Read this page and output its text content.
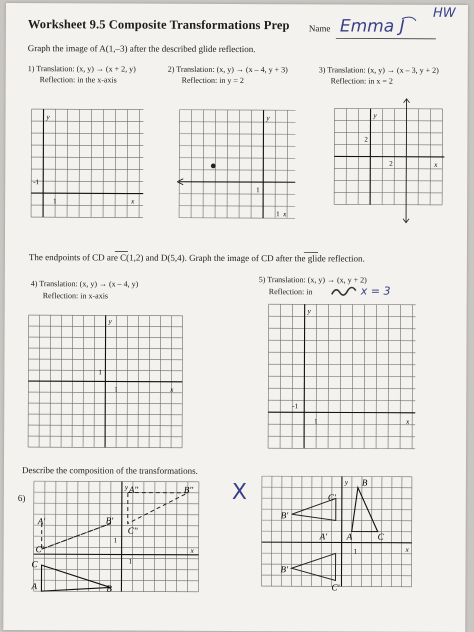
Worksheet 9.5 Composite Transformations Prep Name Emma J
HW
Graph the image of A(1,–3) after the described glide reflection.
1) Translation: (x, y) → (x + 2, y)
Reflection: in the x-axis
2) Translation: (x, y) → (x – 4, y + 3)
Reflection: in y = 2
3) Translation: (x, y) → (x – 3, y + 2)
Reflection: in x = 2
y
x
-1
1
y
x
1
1
y
x
2
2
The endpoints of CD are C(1,2) and D(5,4). Graph the image of CD after the glide reflection.
4) Translation: (x, y) → (x – 4, y)
Reflection: in x-axis
5) Translation: (x, y) → (x, y + 2)
Reflection: in	x = 3
y
x
1
1
y
x
-1
1
Describe the composition of the transformations.
6)
y
x
1
1
A	B
C
A'	B'
C'
A''	B''
C''
X	y
x
1
B
A	C
C'
B'
A'
B'
C'
